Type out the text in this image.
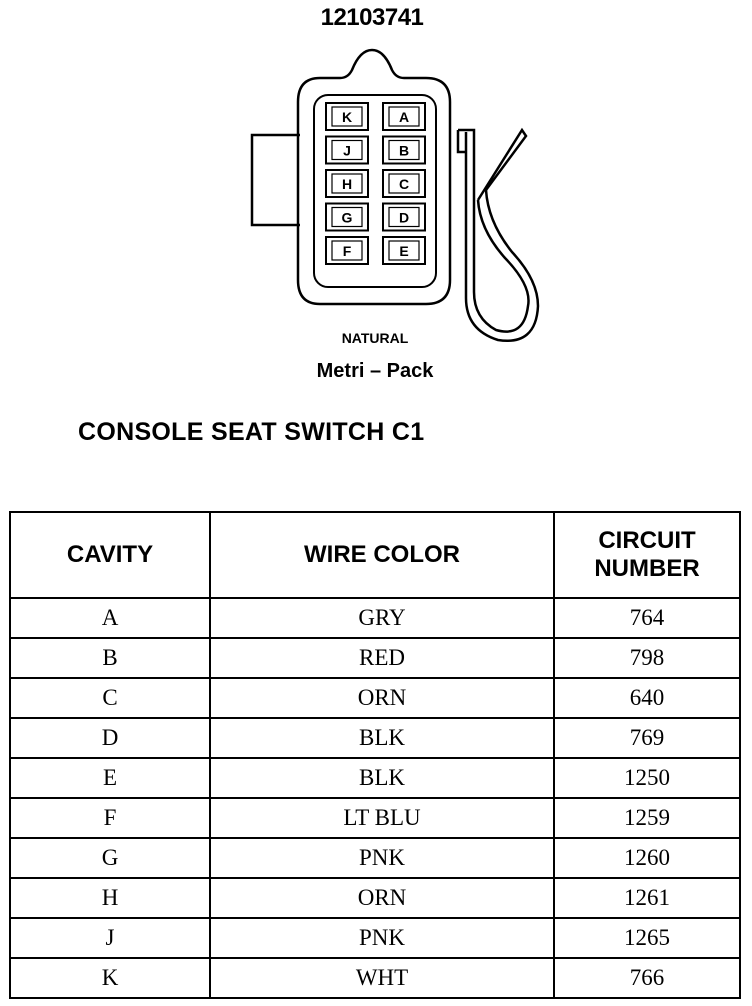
12103741
K
J
H
G
F
A
B
C
D
E
NATURAL
Metri – Pack
CONSOLE SEAT SWITCH C1
CAVITY	WIRE COLOR	CIRCUIT
NUMBER
A	GRY	764
B	RED	798
C	ORN	640
D	BLK	769
E	BLK	1250
F	LT BLU	1259
G	PNK	1260
H	ORN	1261
J	PNK	1265
K	WHT	766
